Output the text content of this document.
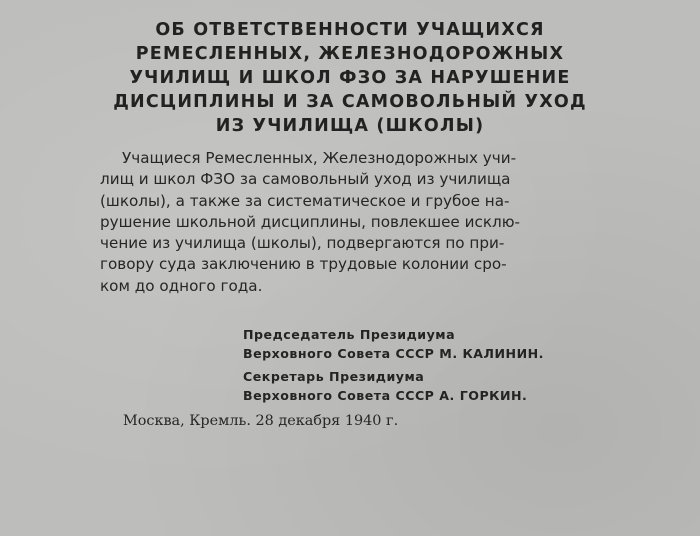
ОБ ОТВЕТСТВЕННОСТИ УЧАЩИХСЯ
РЕМЕСЛЕННЫХ, ЖЕЛЕЗНОДОРОЖНЫХ
УЧИЛИЩ И ШКОЛ ФЗО ЗА НАРУШЕНИЕ
ДИСЦИПЛИНЫ И ЗА САМОВОЛЬНЫЙ УХОД
ИЗ УЧИЛИЩА (ШКОЛЫ)
Учащиеся Ремесленных, Железнодорожных учи-
лищ и школ ФЗО за самовольный уход из училища
(школы), а также за систематическое и грубое на-
рушение школьной дисциплины, повлекшее исклю-
чение из училища (школы), подвергаются по при-
говору суда заключению в трудовые колонии сро-
ком до одного года.
Председатель Президиума
Верховного Совета СССР М. КАЛИНИН.
Секретарь Президиума
Верховного Совета СССР А. ГОРКИН.
Москва, Кремль. 28 декабря 1940 г.
